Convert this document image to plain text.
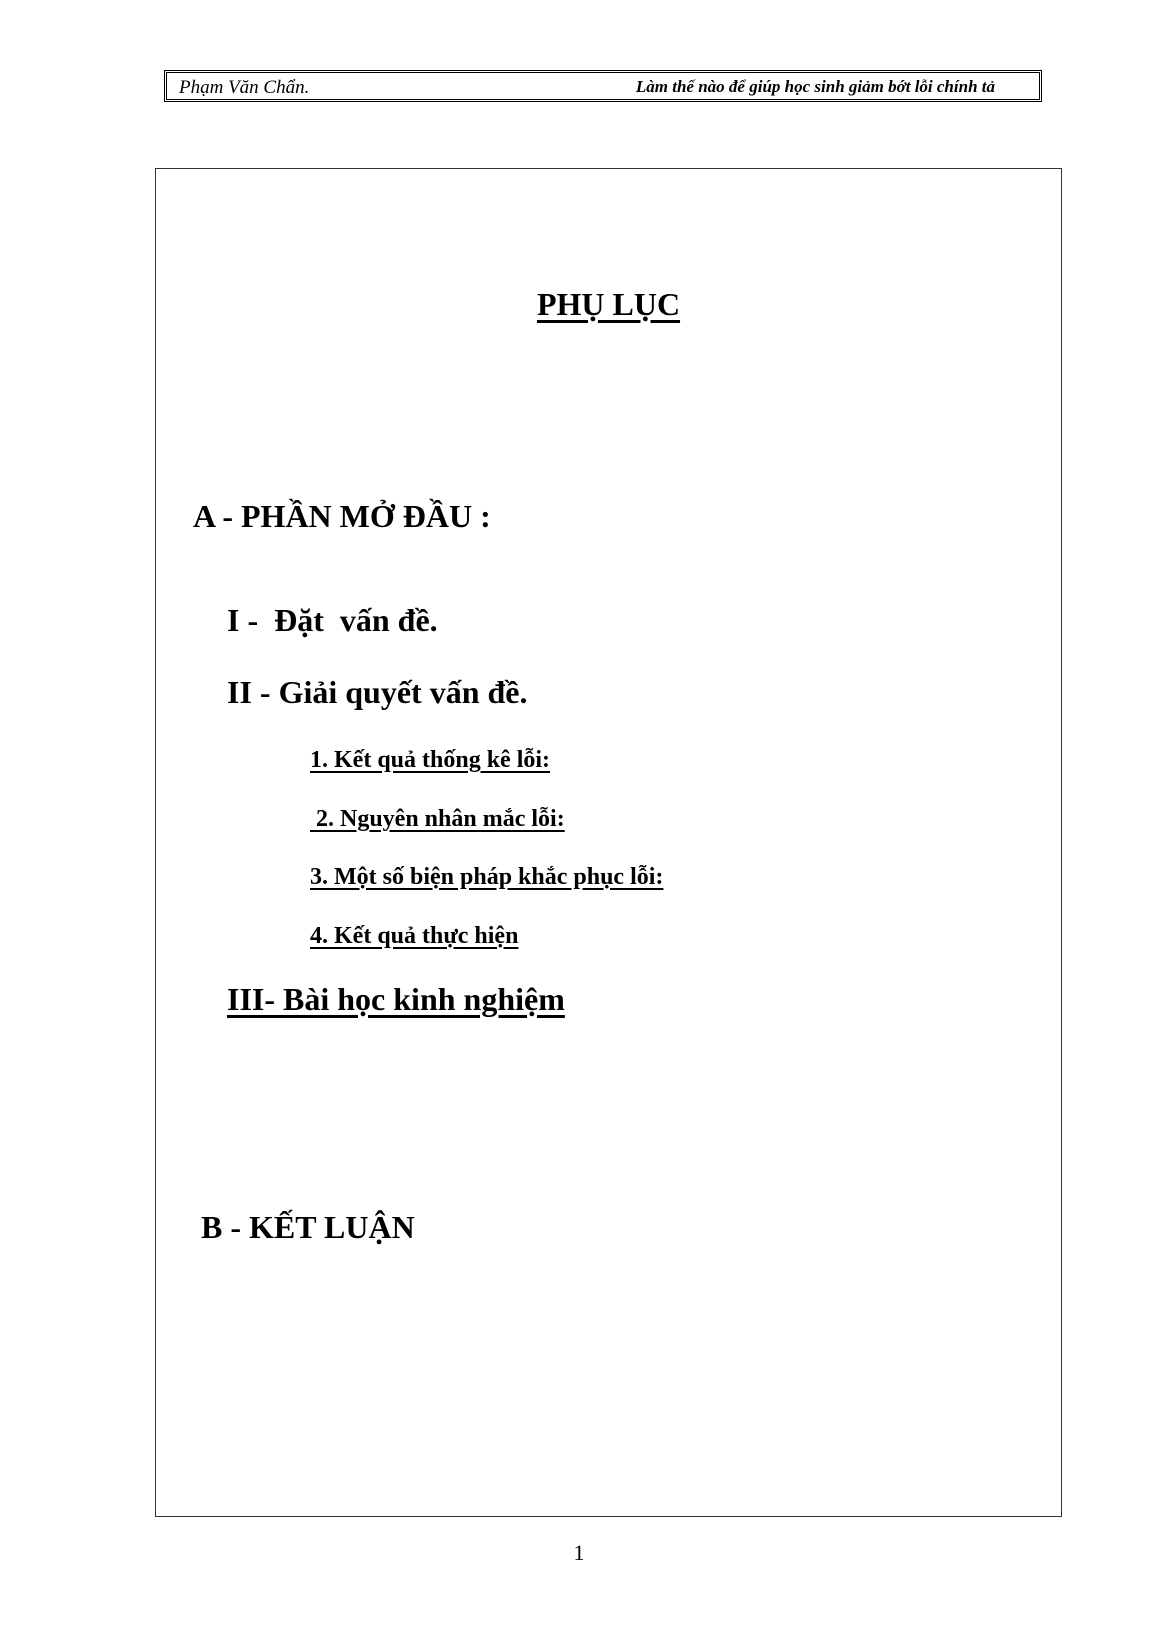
Phạm Văn Chẩn.	Làm thế nào để giúp học sinh giảm bớt lỗi chính tả
PHỤ LỤC
A - PHẦN MỞ ĐẦU :
I -  Đặt  vấn đề.
II - Giải quyết vấn đề.
1. Kết quả thống kê lỗi:
2. Nguyên nhân mắc lỗi:
3. Một số biện pháp khắc phục lỗi:
4. Kết quả thực hiện
III- Bài học kinh nghiệm
B - KẾT LUẬN
1
